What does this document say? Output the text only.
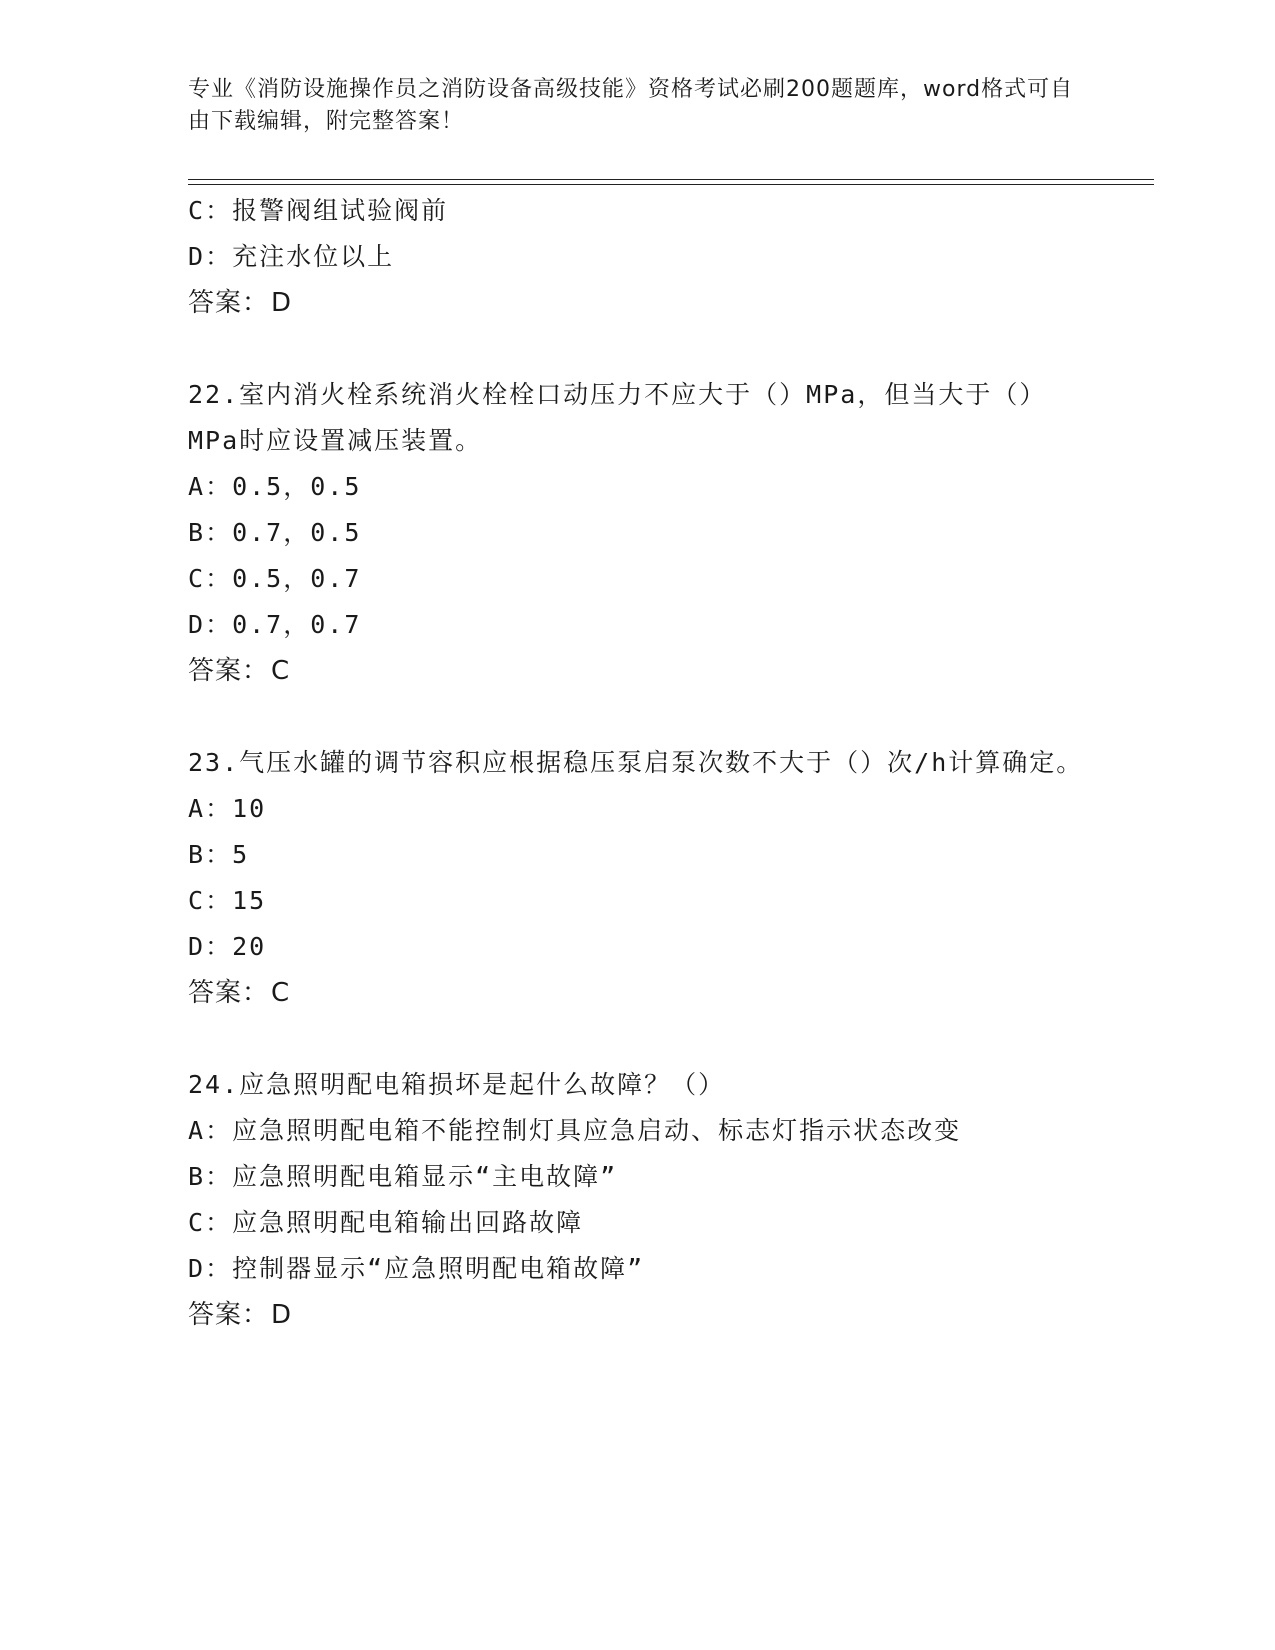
专业《消防设施操作员之消防设备高级技能》资格考试必刷200题题库，word格式可自由下载编辑，附完整答案！

C：报警阀组试验阀前

D：充注水位以上

答案：D

22.室内消火栓系统消火栓栓口动压力不应大于（）MPa，但当大于（）MPa时应设置减压装置。

A：0.5，0.5

B：0.7，0.5

C：0.5，0.7

D：0.7，0.7

答案：C

23.气压水罐的调节容积应根据稳压泵启泵次数不大于（）次/h计算确定。

A：10

B：5

C：15

D：20

答案：C

24.应急照明配电箱损坏是起什么故障？（）

A：应急照明配电箱不能控制灯具应急启动、标志灯指示状态改变

B：应急照明配电箱显示“主电故障”

C：应急照明配电箱输出回路故障

D：控制器显示“应急照明配电箱故障”

答案：D
